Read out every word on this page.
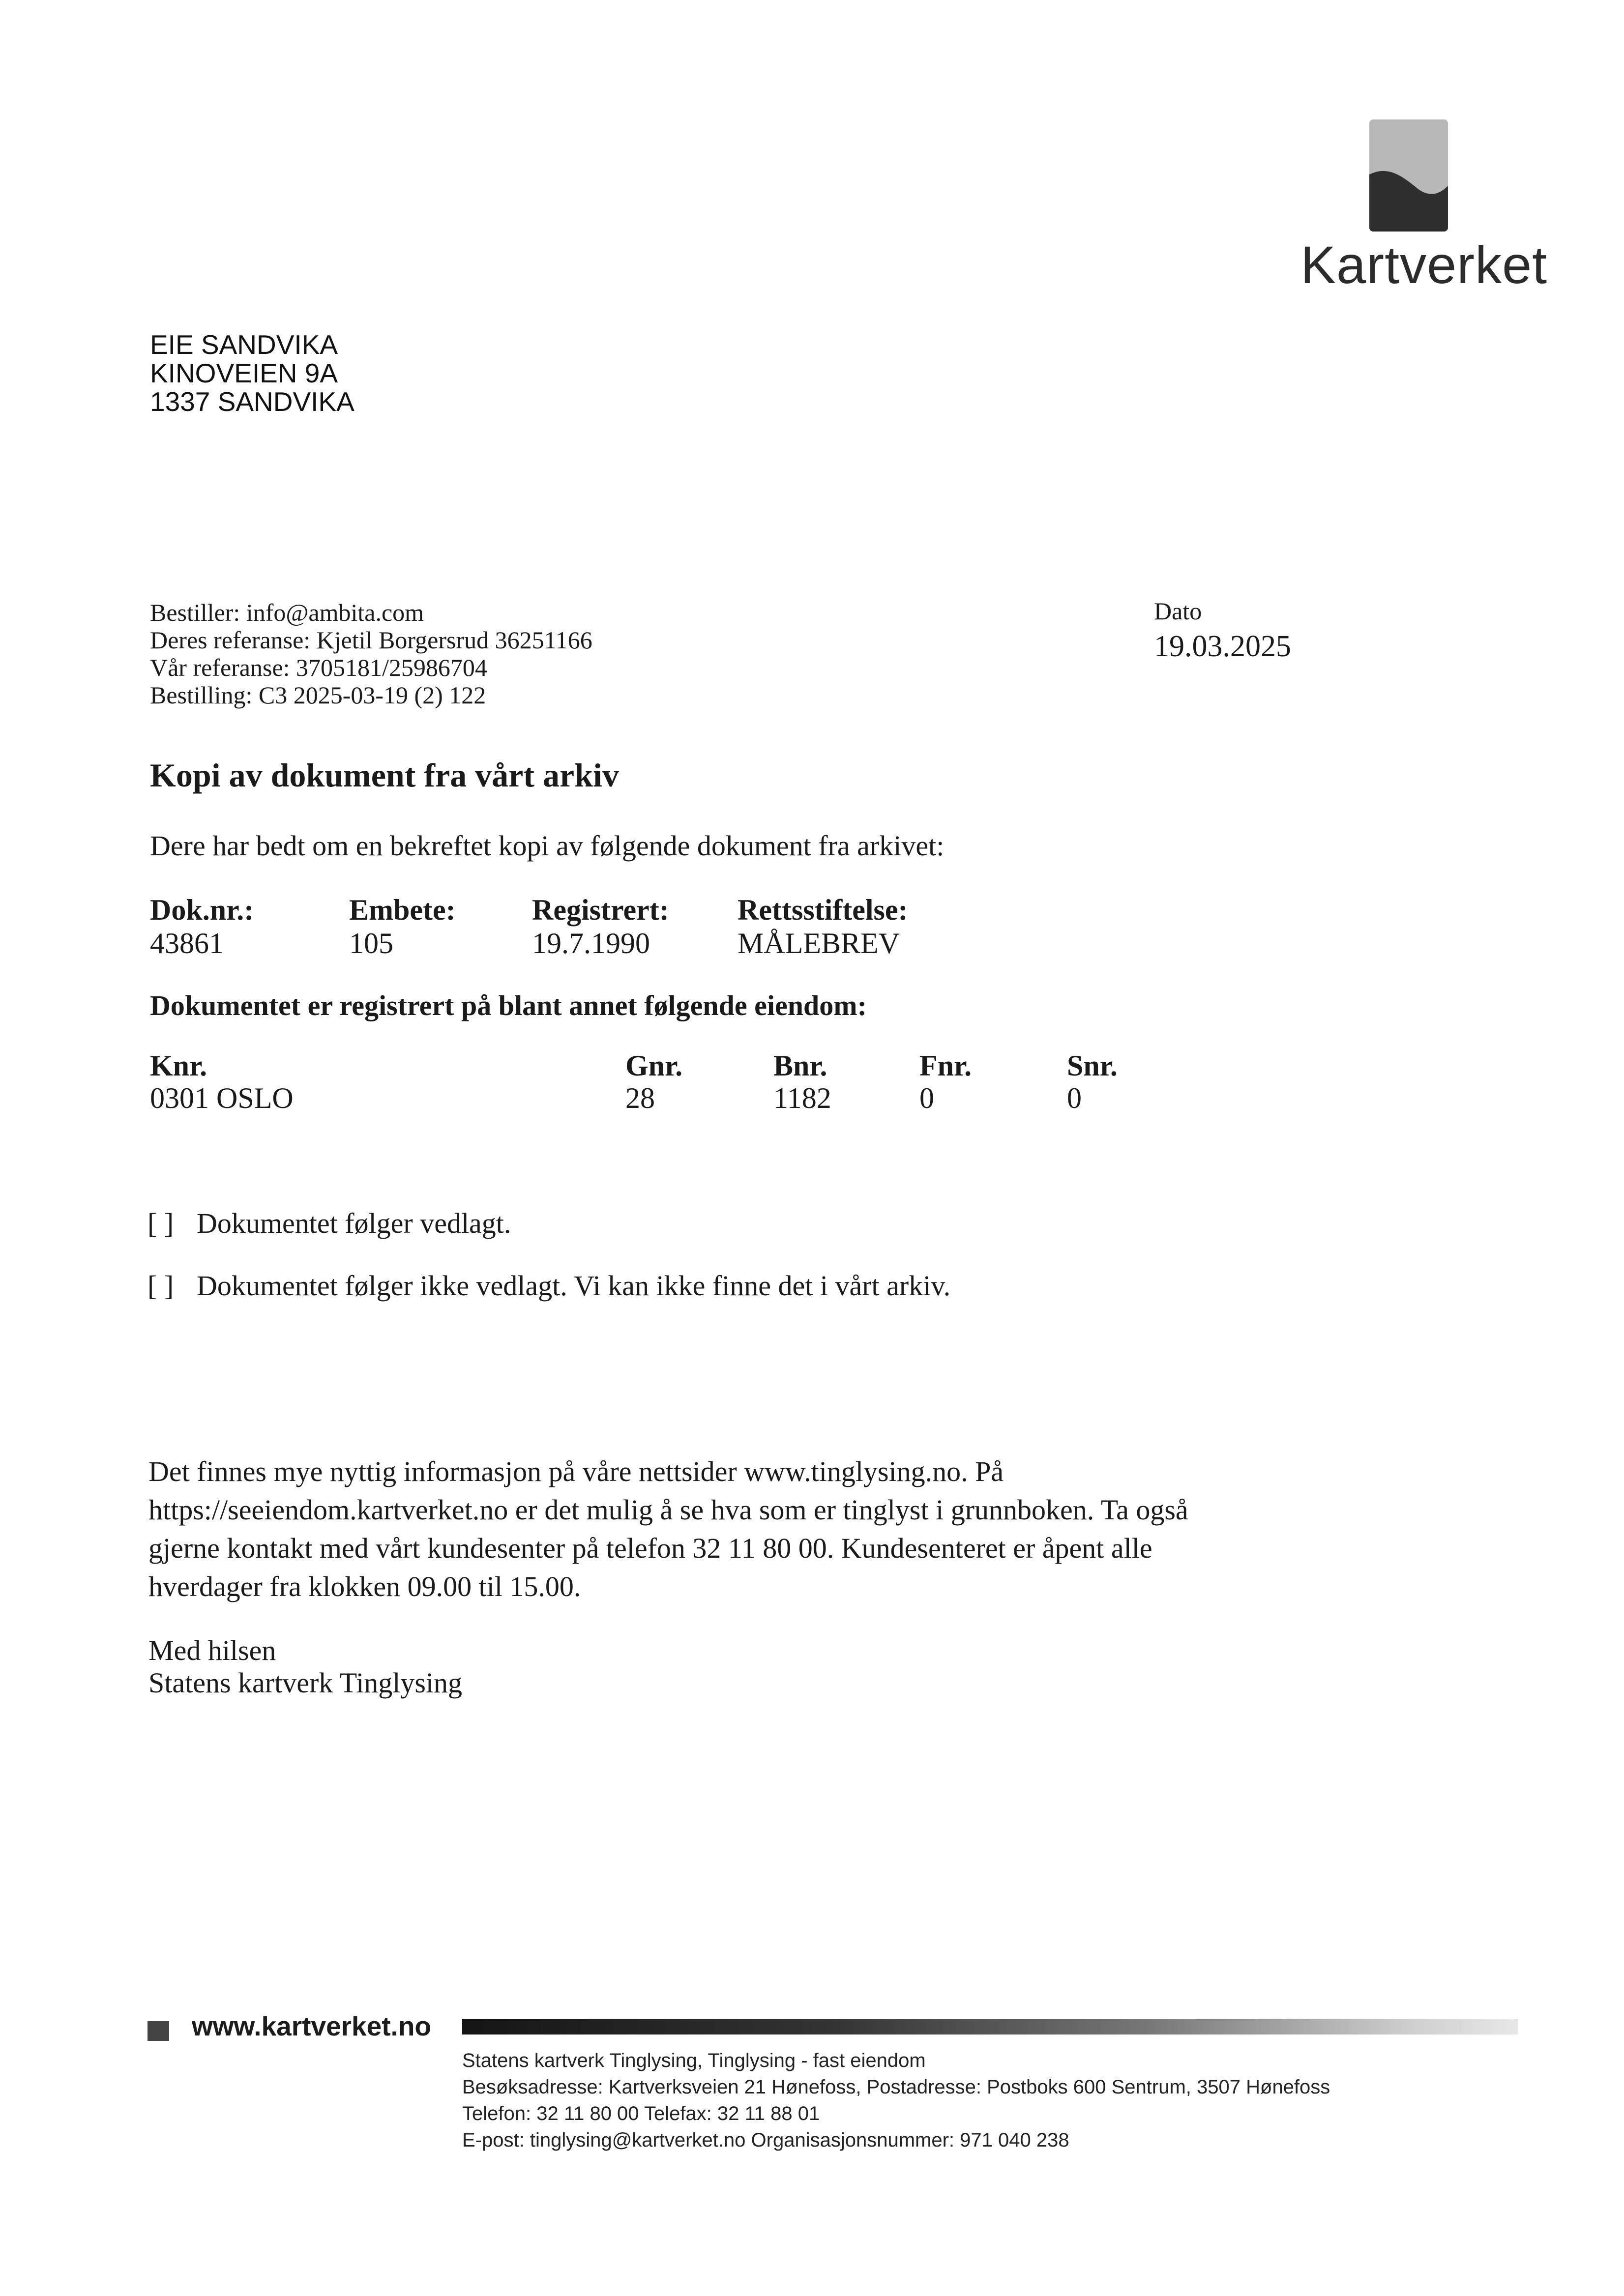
Kartverket
EIE SANDVIKA
KINOVEIEN 9A
1337 SANDVIKA
Bestiller: info@ambita.com
Deres referanse: Kjetil Borgersrud 36251166
Vår referanse: 3705181/25986704
Bestilling: C3 2025-03-19 (2) 122
Dato
19.03.2025
Kopi av dokument fra vårt arkiv
Dere har bedt om en bekreftet kopi av følgende dokument fra arkivet:
Dok.nr.:	Embete:	Registrert: Rettsstiftelse:
43861	105	19.7.1990	MÅLEBREV
Dokumentet er registrert på blant annet følgende eiendom:
Knr.	Gnr.	Bnr.	Fnr.	Snr.
0301 OSLO	28	1182	0	0
[ ] Dokumentet følger vedlagt.
[ ] Dokumentet følger ikke vedlagt. Vi kan ikke finne det i vårt arkiv.
Det finnes mye nyttig informasjon på våre nettsider www.tinglysing.no. På
https://seeiendom.kartverket.no er det mulig å se hva som er tinglyst i grunnboken. Ta også
gjerne kontakt med vårt kundesenter på telefon 32 11 80 00. Kundesenteret er åpent alle
hverdager fra klokken 09.00 til 15.00.
Med hilsen
Statens kartverk Tinglysing
www.kartverket.no
Statens kartverk Tinglysing, Tinglysing - fast eiendom
Besøksadresse: Kartverksveien 21 Hønefoss, Postadresse: Postboks 600 Sentrum, 3507 Hønefoss
Telefon: 32 11 80 00 Telefax: 32 11 88 01
E-post: tinglysing@kartverket.no Organisasjonsnummer: 971 040 238
